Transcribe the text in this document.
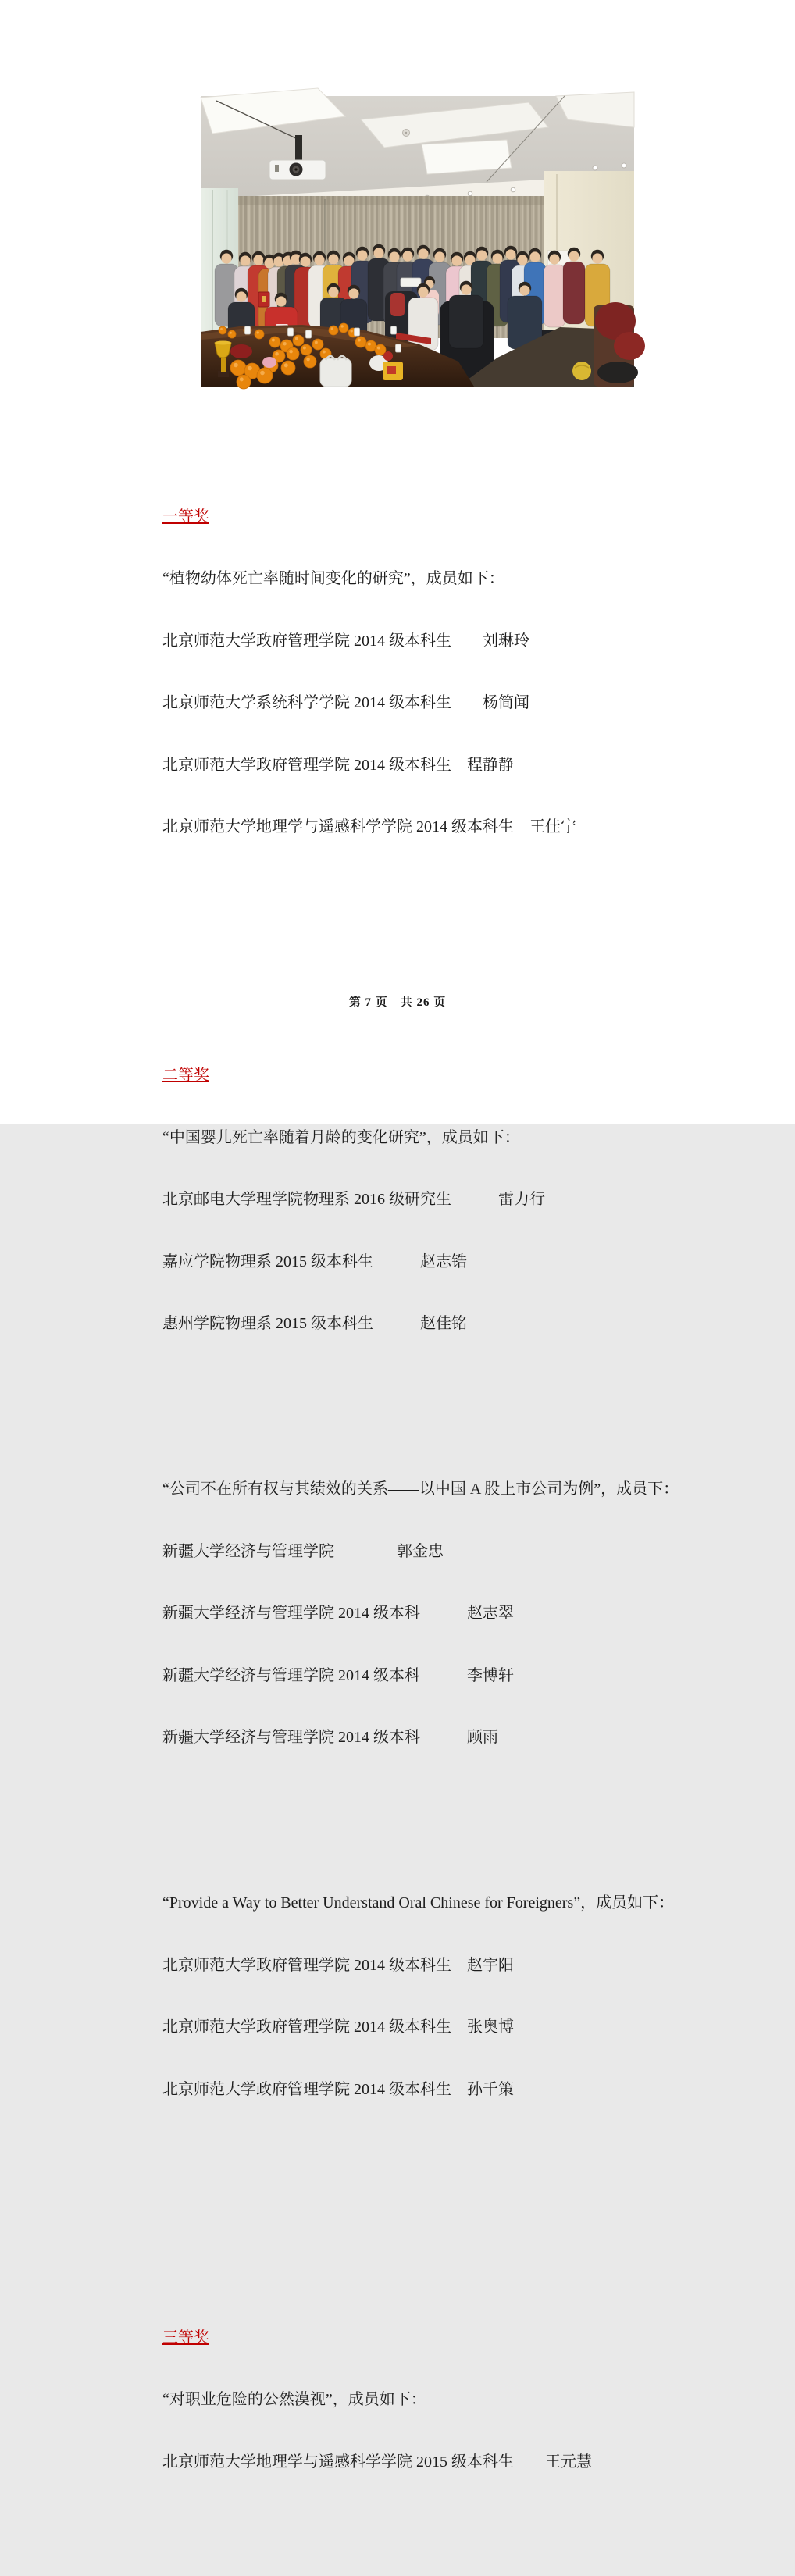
一等奖

“植物幼体死亡率随时间变化的研究”，成员如下：

北京师范大学政府管理学院 2014 级本科生　　刘琳玲

北京师范大学系统科学学院 2014 级本科生　　杨简闻

北京师范大学政府管理学院 2014 级本科生　程静静

北京师范大学地理学与遥感科学学院 2014 级本科生　王佳宁

二等奖

“中国婴儿死亡率随着月龄的变化研究”，成员如下：

北京邮电大学理学院物理系 2016 级研究生　　　雷力行

嘉应学院物理系 2015 级本科生　　　赵志锆

惠州学院物理系 2015 级本科生　　　赵佳铭

“公司不在所有权与其绩效的关系——以中国 A 股上市公司为例”，成员下：

新疆大学经济与管理学院　　　　郭金忠

新疆大学经济与管理学院 2014 级本科　　　赵志翠

新疆大学经济与管理学院 2014 级本科　　　李博轩

新疆大学经济与管理学院 2014 级本科　　　顾雨

“Provide a Way to Better Understand Oral Chinese for Foreigners”，成员如下：

北京师范大学政府管理学院 2014 级本科生　赵宇阳

北京师范大学政府管理学院 2014 级本科生　张奥博

北京师范大学政府管理学院 2014 级本科生　孙千策

三等奖

“对职业危险的公然漠视”，成员如下：

北京师范大学地理学与遥感科学学院 2015 级本科生　　王元慧

第 7 页　共 26 页
